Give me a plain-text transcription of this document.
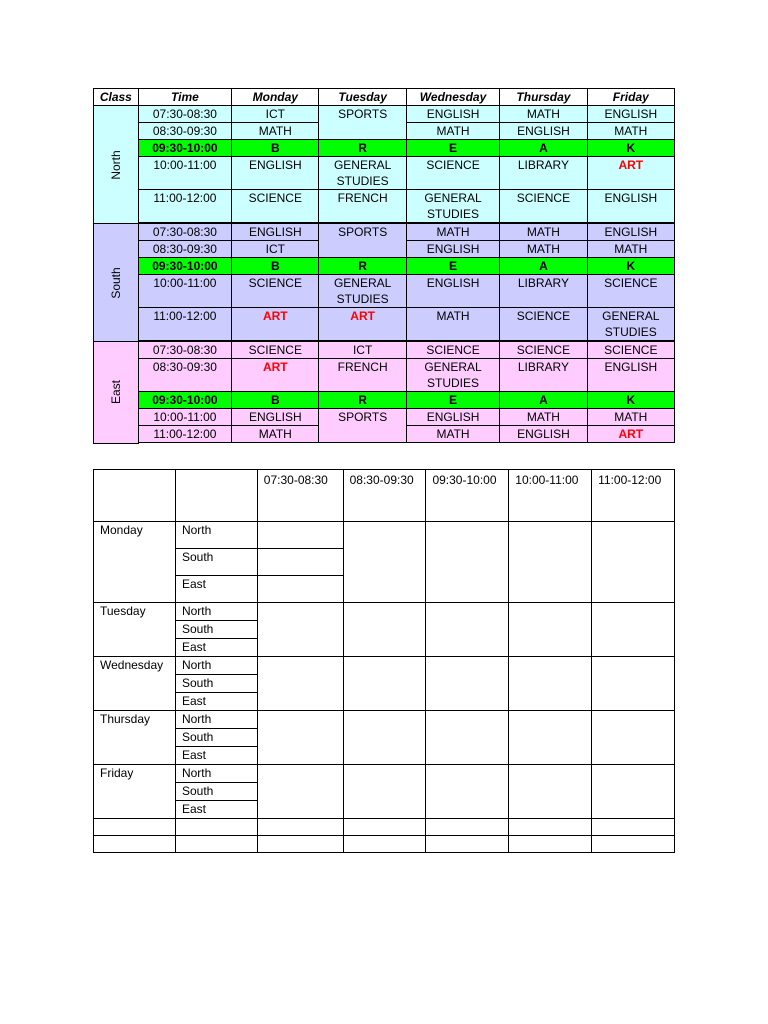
Class	Time	Monday	Tuesday	Wednesday	Thursday	Friday

North	07:30-08:30	ICT	SPORTS	ENGLISH	MATH	ENGLISH
	08:30-09:30	MATH		MATH	ENGLISH	MATH
	09:30-10:00	B	R	E	A	K
	10:00-11:00	ENGLISH	GENERAL STUDIES	SCIENCE	LIBRARY	ART
	11:00-12:00	SCIENCE	FRENCH	GENERAL STUDIES	SCIENCE	ENGLISH

South	07:30-08:30	ENGLISH	SPORTS	MATH	MATH	ENGLISH
	08:30-09:30	ICT		ENGLISH	MATH	MATH
	09:30-10:00	B	R	E	A	K
	10:00-11:00	SCIENCE	GENERAL STUDIES	ENGLISH	LIBRARY	SCIENCE
	11:00-12:00	ART	ART	MATH	SCIENCE	GENERAL STUDIES

East	07:30-08:30	SCIENCE	ICT	SCIENCE	SCIENCE	SCIENCE
	08:30-09:30	ART	FRENCH	GENERAL STUDIES	LIBRARY	ENGLISH
	09:30-10:00	B	R	E	A	K
	10:00-11:00	ENGLISH	SPORTS	ENGLISH	MATH	MATH
	11:00-12:00	MATH		MATH	ENGLISH	ART

		07:30-08:30	08:30-09:30	09:30-10:00	10:00-11:00	11:00-12:00
Monday	North					
	South					
	East					
Tuesday	North					
	South					
	East					
Wednesday	North					
	South					
	East					
Thursday	North					
	South					
	East					
Friday	North					
	South					
	East					
